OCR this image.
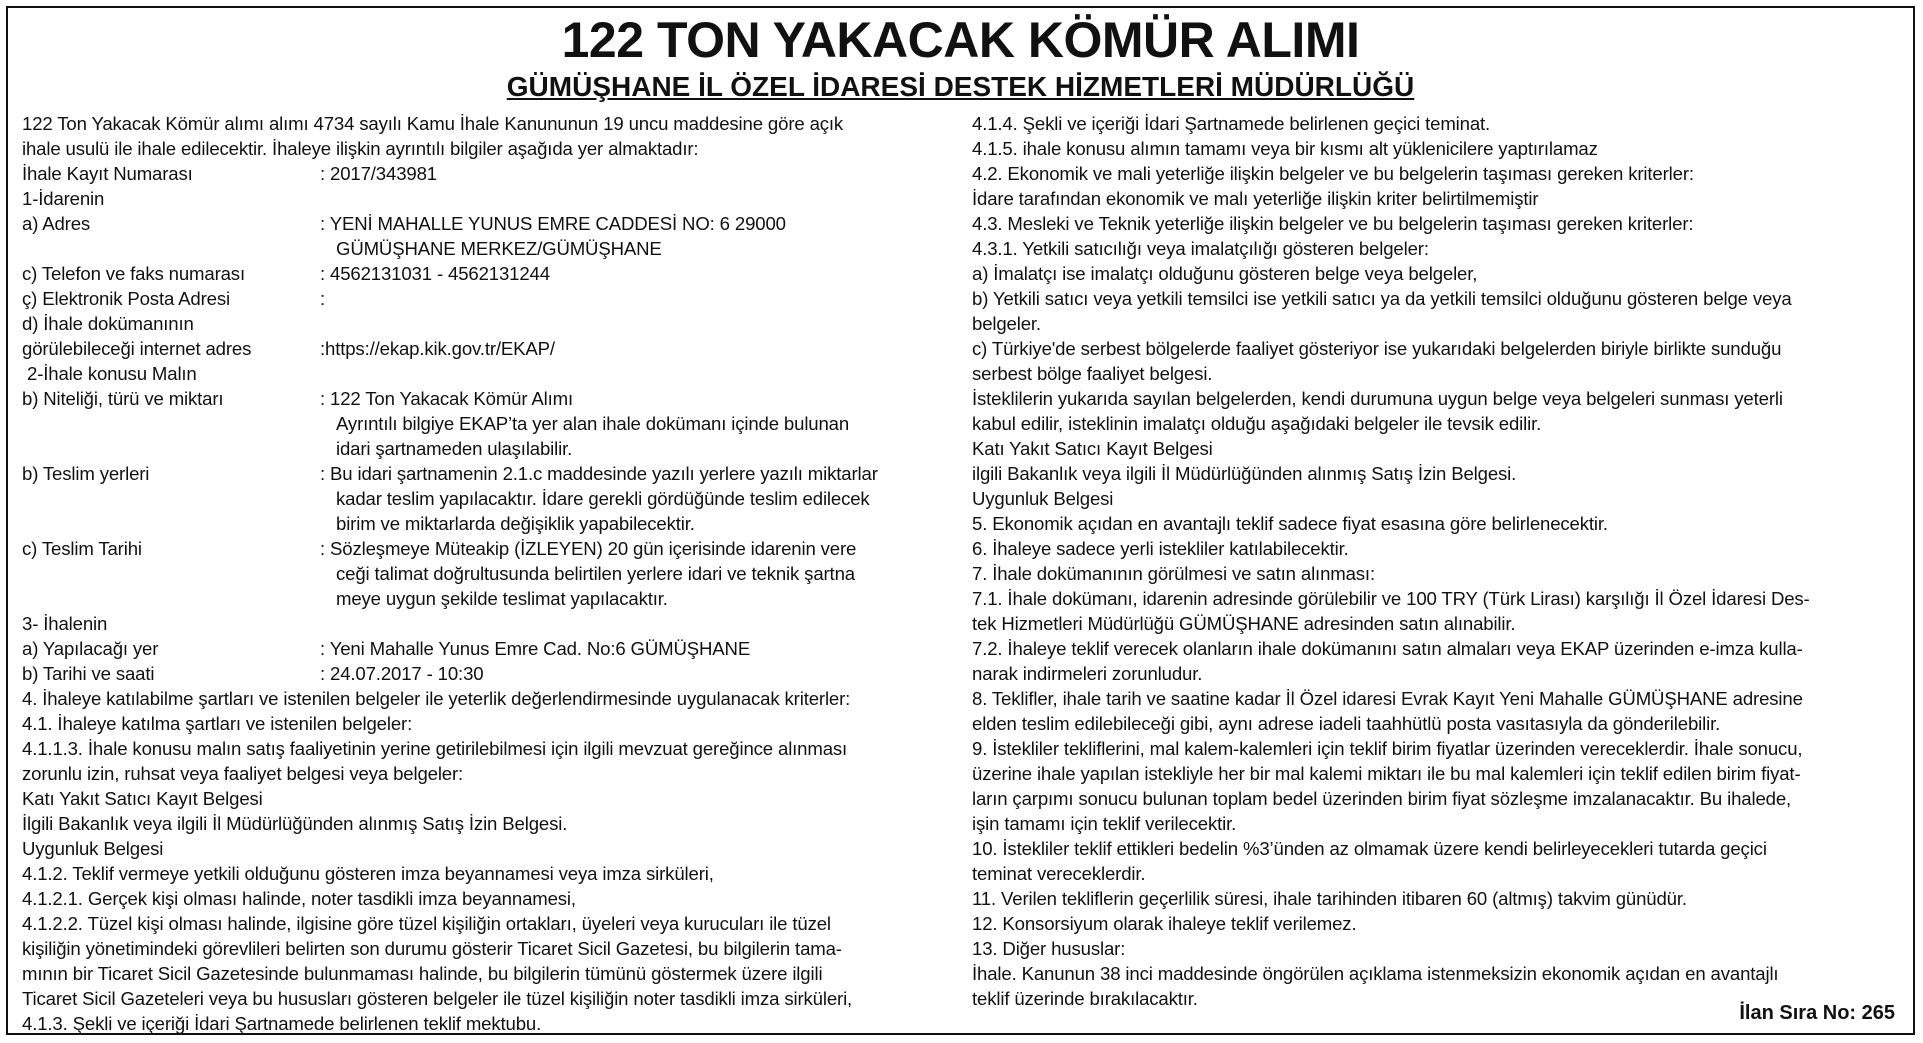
122 TON YAKACAK KÖMÜR ALIMI
GÜMÜŞHANE İL ÖZEL İDARESİ DESTEK HİZMETLERİ MÜDÜRLÜĞÜ
122 Ton Yakacak Kömür alımı alımı 4734 sayılı Kamu İhale Kanununun 19 uncu maddesine göre açık
ihale usulü ile ihale edilecektir. İhaleye ilişkin ayrıntılı bilgiler aşağıda yer almaktadır:
İhale Kayıt Numarası	: 2017/343981
1-İdarenin
a) Adres	: YENİ MAHALLE YUNUS EMRE CADDESİ NO: 6 29000
GÜMÜŞHANE MERKEZ/GÜMÜŞHANE
c) Telefon ve faks numarası	: 4562131031 - 4562131244
ç) Elektronik Posta Adresi	:
d) İhale dokümanının
görülebileceği internet adres	:https://ekap.kik.gov.tr/EKAP/
2-İhale konusu Malın
b) Niteliği, türü ve miktarı	: 122 Ton Yakacak Kömür Alımı
Ayrıntılı bilgiye EKAP’ta yer alan ihale dokümanı içinde bulunan
idari şartnameden ulaşılabilir.
b) Teslim yerleri	: Bu idari şartnamenin 2.1.c maddesinde yazılı yerlere yazılı miktarlar
kadar teslim yapılacaktır. İdare gerekli gördüğünde teslim edilecek
birim ve miktarlarda değişiklik yapabilecektir.
c) Teslim Tarihi	: Sözleşmeye Müteakip (İZLEYEN) 20 gün içerisinde idarenin vere
ceği talimat doğrultusunda belirtilen yerlere idari ve teknik şartna
meye uygun şekilde teslimat yapılacaktır.
3- İhalenin
a) Yapılacağı yer	: Yeni Mahalle Yunus Emre Cad. No:6 GÜMÜŞHANE
b) Tarihi ve saati	: 24.07.2017 - 10:30
4. İhaleye katılabilme şartları ve istenilen belgeler ile yeterlik değerlendirmesinde uygulanacak kriterler:
4.1. İhaleye katılma şartları ve istenilen belgeler:
4.1.1.3. İhale konusu malın satış faaliyetinin yerine getirilebilmesi için ilgili mevzuat gereğince alınması
zorunlu izin, ruhsat veya faaliyet belgesi veya belgeler:
Katı Yakıt Satıcı Kayıt Belgesi
İlgili Bakanlık veya ilgili İl Müdürlüğünden alınmış Satış İzin Belgesi.
Uygunluk Belgesi
4.1.2. Teklif vermeye yetkili olduğunu gösteren imza beyannamesi veya imza sirküleri,
4.1.2.1. Gerçek kişi olması halinde, noter tasdikli imza beyannamesi,
4.1.2.2. Tüzel kişi olması halinde, ilgisine göre tüzel kişiliğin ortakları, üyeleri veya kurucuları ile tüzel
kişiliğin yönetimindeki görevlileri belirten son durumu gösterir Ticaret Sicil Gazetesi, bu bilgilerin tama-
mının bir Ticaret Sicil Gazetesinde bulunmaması halinde, bu bilgilerin tümünü göstermek üzere ilgili
Ticaret Sicil Gazeteleri veya bu hususları gösteren belgeler ile tüzel kişiliğin noter tasdikli imza sirküleri,
4.1.3. Şekli ve içeriği İdari Şartnamede belirlenen teklif mektubu.
4.1.4. Şekli ve içeriği İdari Şartnamede belirlenen geçici teminat.
4.1.5. ihale konusu alımın tamamı veya bir kısmı alt yüklenicilere yaptırılamaz
4.2. Ekonomik ve mali yeterliğe ilişkin belgeler ve bu belgelerin taşıması gereken kriterler:
İdare tarafından ekonomik ve malı yeterliğe ilişkin kriter belirtilmemiştir
4.3. Mesleki ve Teknik yeterliğe ilişkin belgeler ve bu belgelerin taşıması gereken kriterler:
4.3.1. Yetkili satıcılığı veya imalatçılığı gösteren belgeler:
a) İmalatçı ise imalatçı olduğunu gösteren belge veya belgeler,
b) Yetkili satıcı veya yetkili temsilci ise yetkili satıcı ya da yetkili temsilci olduğunu gösteren belge veya
belgeler.
c) Türkiye'de serbest bölgelerde faaliyet gösteriyor ise yukarıdaki belgelerden biriyle birlikte sunduğu
serbest bölge faaliyet belgesi.
İsteklilerin yukarıda sayılan belgelerden, kendi durumuna uygun belge veya belgeleri sunması yeterli
kabul edilir, isteklinin imalatçı olduğu aşağıdaki belgeler ile tevsik edilir.
Katı Yakıt Satıcı Kayıt Belgesi
ilgili Bakanlık veya ilgili İl Müdürlüğünden alınmış Satış İzin Belgesi.
Uygunluk Belgesi
5. Ekonomik açıdan en avantajlı teklif sadece fiyat esasına göre belirlenecektir.
6. İhaleye sadece yerli istekliler katılabilecektir.
7. İhale dokümanının görülmesi ve satın alınması:
7.1. İhale dokümanı, idarenin adresinde görülebilir ve 100 TRY (Türk Lirası) karşılığı İl Özel İdaresi Des-
tek Hizmetleri Müdürlüğü GÜMÜŞHANE adresinden satın alınabilir.
7.2. İhaleye teklif verecek olanların ihale dokümanını satın almaları veya EKAP üzerinden e-imza kulla-
narak indirmeleri zorunludur.
8. Teklifler, ihale tarih ve saatine kadar İl Özel idaresi Evrak Kayıt Yeni Mahalle GÜMÜŞHANE adresine
elden teslim edilebileceği gibi, aynı adrese iadeli taahhütlü posta vasıtasıyla da gönderilebilir.
9. İstekliler tekliflerini, mal kalem-kalemleri için teklif birim fiyatlar üzerinden vereceklerdir. İhale sonucu,
üzerine ihale yapılan istekliyle her bir mal kalemi miktarı ile bu mal kalemleri için teklif edilen birim fiyat-
ların çarpımı sonucu bulunan toplam bedel üzerinden birim fiyat sözleşme imzalanacaktır. Bu ihalede,
işin tamamı için teklif verilecektir.
10. İstekliler teklif ettikleri bedelin %3’ünden az olmamak üzere kendi belirleyecekleri tutarda geçici
teminat vereceklerdir.
11. Verilen tekliflerin geçerlilik süresi, ihale tarihinden itibaren 60 (altmış) takvim günüdür.
12. Konsorsiyum olarak ihaleye teklif verilemez.
13. Diğer hususlar:
İhale. Kanunun 38 inci maddesinde öngörülen açıklama istenmeksizin ekonomik açıdan en avantajlı
teklif üzerinde bırakılacaktır.
İlan Sıra No: 265
